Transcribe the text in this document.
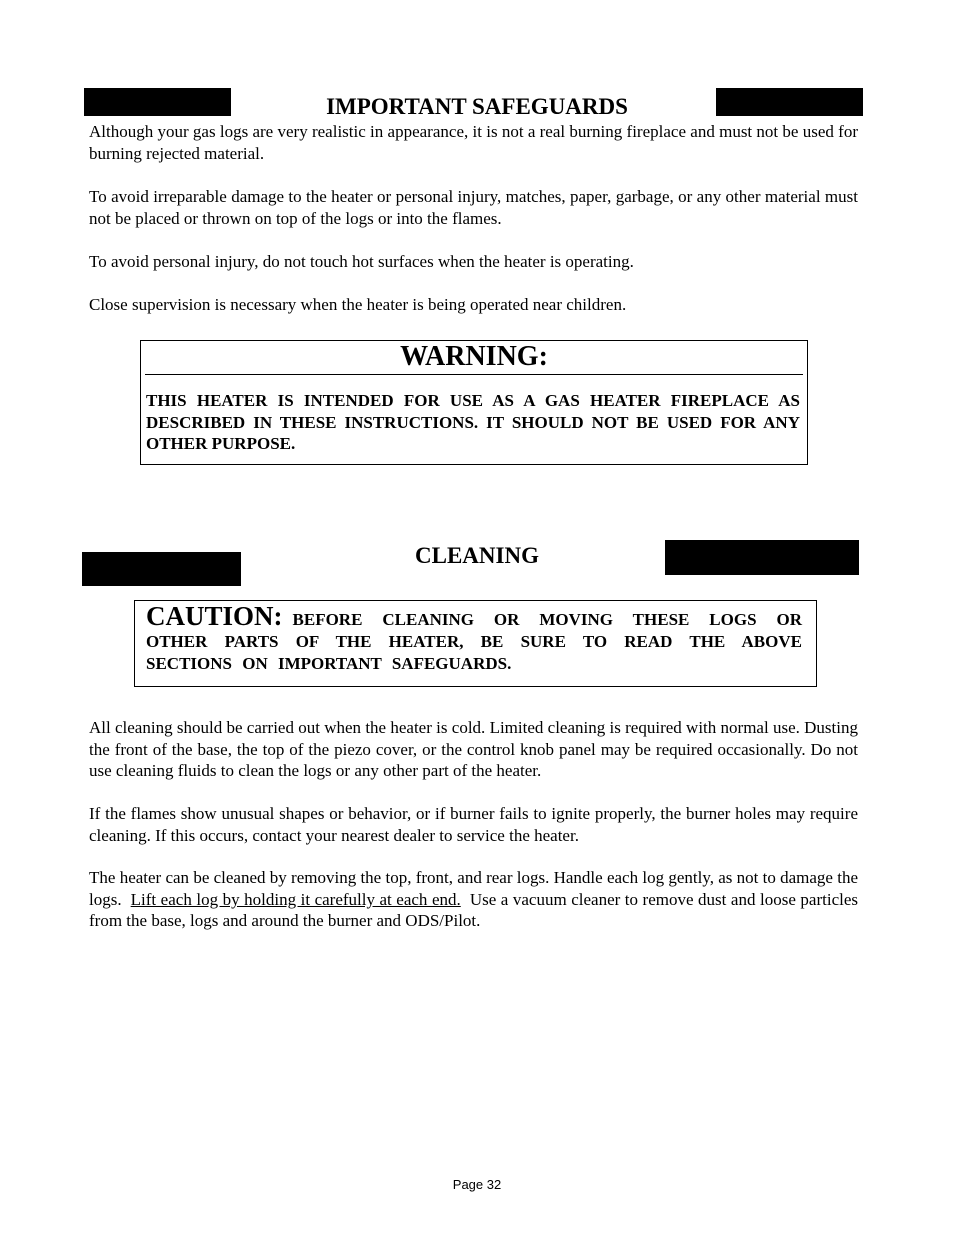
IMPORTANT SAFEGUARDS

Although your gas logs are very realistic in appearance, it is not a real burning fireplace and must not be used for burning rejected material.

To avoid irreparable damage to the heater or personal injury, matches, paper, garbage, or any other material must not be placed or thrown on top of the logs or into the flames.

To avoid personal injury, do not touch hot surfaces when the heater is operating.

Close supervision is necessary when the heater is being operated near children.

WARNING:

THIS HEATER IS INTENDED FOR USE AS A GAS HEATER FIREPLACE AS DESCRIBED IN THESE INSTRUCTIONS. IT SHOULD NOT BE USED FOR ANY OTHER PURPOSE.

CLEANING

CAUTION: BEFORE CLEANING OR MOVING THESE LOGS OR OTHER PARTS OF THE HEATER, BE SURE TO READ THE ABOVE SECTIONS ON IMPORTANT SAFEGUARDS.

All cleaning should be carried out when the heater is cold. Limited cleaning is required with normal use. Dusting the front of the base, the top of the piezo cover, or the control knob panel may be required occasionally. Do not use cleaning fluids to clean the logs or any other part of the heater.

If the flames show unusual shapes or behavior, or if burner fails to ignite properly, the burner holes may require cleaning. If this occurs, contact your nearest dealer to service the heater.

The heater can be cleaned by removing the top, front, and rear logs. Handle each log gently, as not to damage the logs. Lift each log by holding it carefully at each end. Use a vacuum cleaner to remove dust and loose particles from the base, logs and around the burner and ODS/Pilot.

Page 32
